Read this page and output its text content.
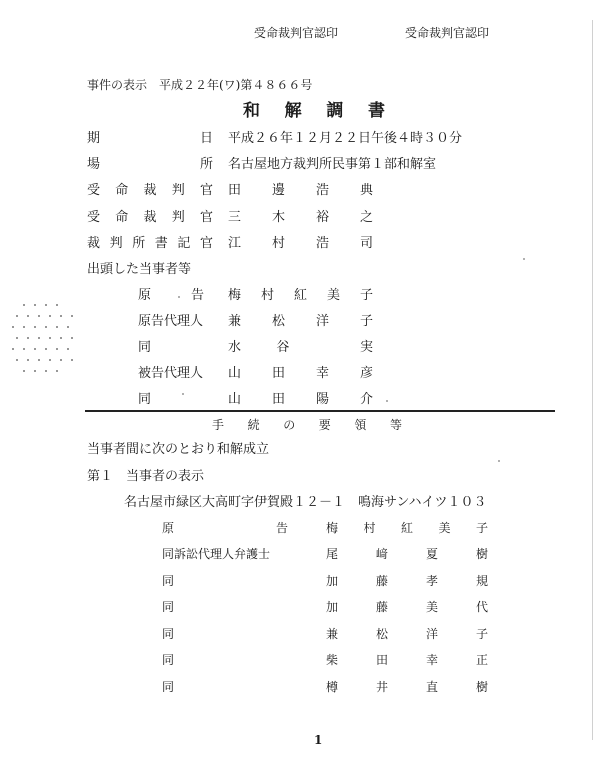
受命裁判官認印	受命裁判官認印
事件の表示　平成２２年(ワ)第４８６６号
和 解 調 書
期	日 平成２６年１２月２２日午後４時３０分
場	所 名古屋地方裁判所民事第１部和解室
受 命 裁 判 官 田 邊 浩 典
受 命 裁 判 官 三 木 裕 之
裁 判 所 書 記 官 江 村 浩 司
出頭した当事者等
原	告 梅 村 紅 美 子
原告代理人 兼 松 洋 子
同	水	谷	実
被告代理人 山 田 幸 彦
同	山 田 陽 介
手 続 の 要 領 等
当事者間に次のとおり和解成立
第１　当事者の表示
名古屋市緑区大高町字伊賀殿１２－１　鳴海サンハイツ１０３
原	告	梅 村 紅 美 子
同訴訟代理人弁護士	尾	﨑	夏	樹
同	加	藤	孝	規
同	加	藤	美	代
同	兼	松	洋	子
同	柴	田	幸	正
同	樽	井	直	樹
1
